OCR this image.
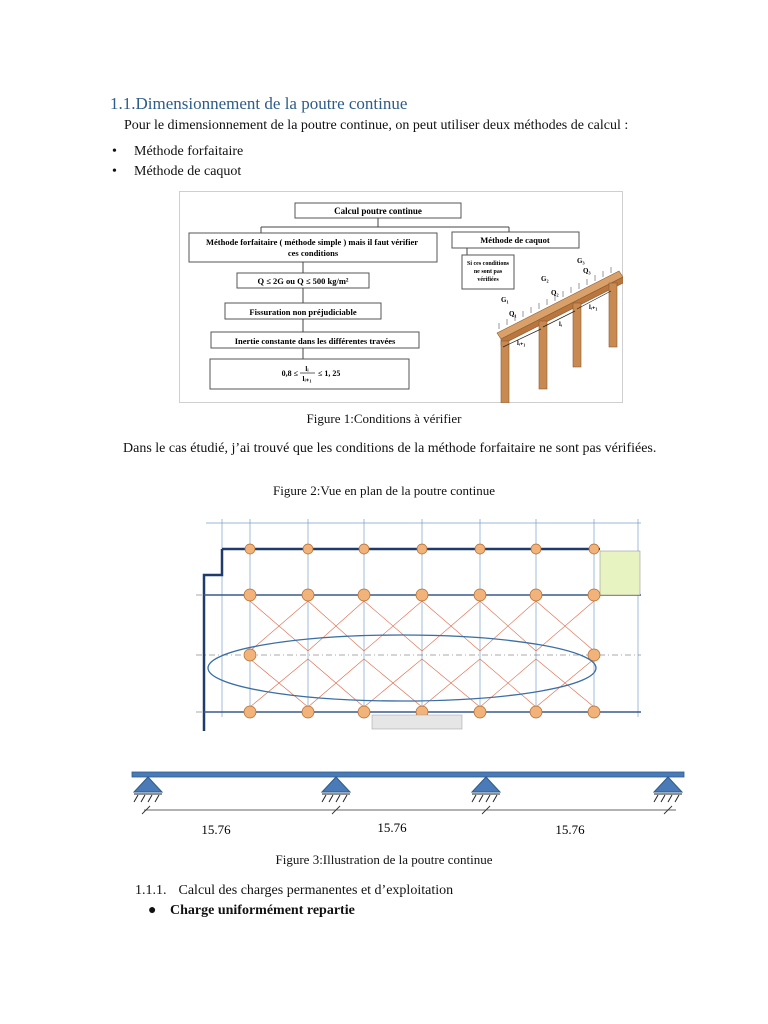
1.1.Dimensionnement de la poutre continue
Pour le dimensionnement de la poutre continue, on peut utiliser deux méthodes de calcul :
• Méthode forfaitaire
• Méthode de caquot
Calcul poutre continue
Méthode forfaitaire ( méthode simple ) mais il faut vérifier ces conditions
Méthode de caquot
Q ≤ 2G ou Q ≤ 500 kg/m²
Fissuration non préjudiciable
Inertie constante dans les différentes travées
0,8 ≤ lᵢ
lᵢ₊₁
≤ 1, 25
Si ces conditions
ne sont pas
vérifiées
G₁
Q₁
G₂
Q₂
G₃
Q₃
lᵢ₊₁
lᵢ
lᵢ₊₁
Figure 1:Conditions à vérifier
Dans le cas étudié, j’ai trouvé que les conditions de la méthode forfaitaire ne sont pas vérifiées.
Figure 2:Vue en plan de la poutre continue
15.76	15.76	15.76
Figure 3:Illustration de la poutre continue
1.1.1. Calcul des charges permanentes et d’exploitation
● Charge uniformément repartie
